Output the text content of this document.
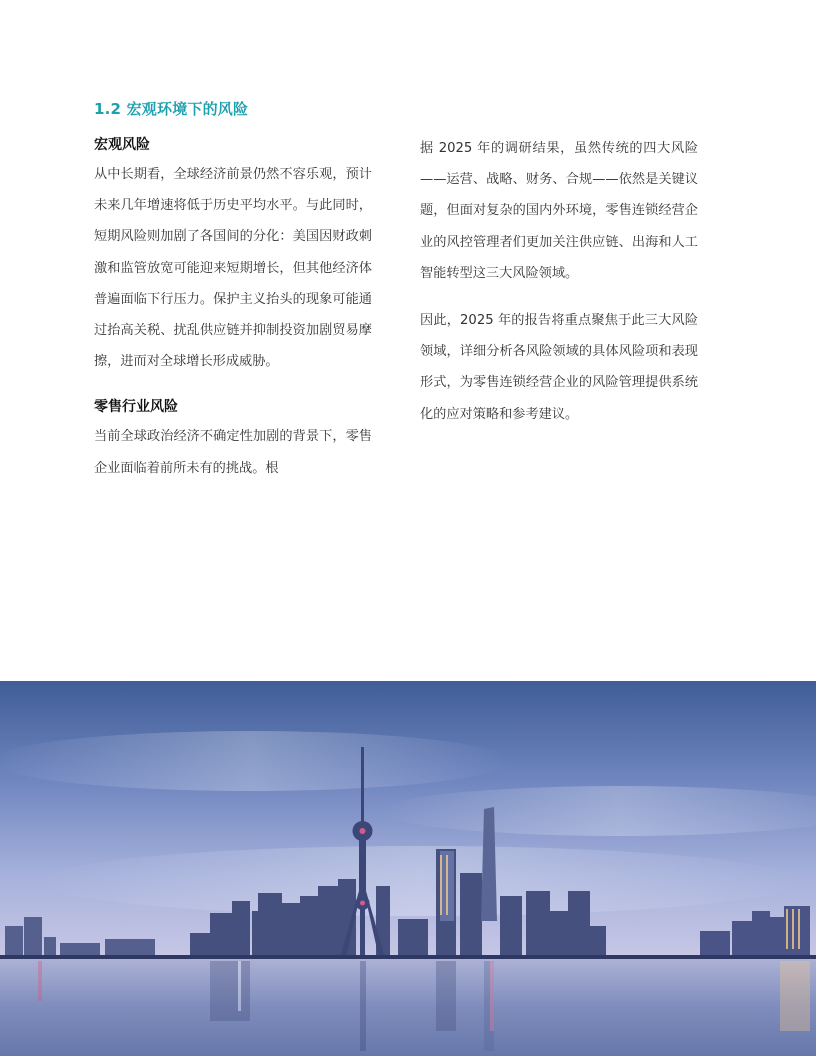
1.2 宏观环境下的风险
宏观风险

从中长期看，全球经济前景仍然不容乐观，预计未来几年增速将低于历史平均水平。与此同时，短期风险则加剧了各国间的分化：美国因财政刺激和监管放宽可能迎来短期增长，但其他经济体普遍面临下行压力。保护主义抬头的现象可能通过抬高关税、扰乱供应链并抑制投资加剧贸易摩擦，进而对全球增长形成威胁。

零售行业风险

当前全球政治经济不确定性加剧的背景下，零售企业面临着前所未有的挑战。根

据 2025 年的调研结果，虽然传统的四大风险——运营、战略、财务、合规——依然是关键议题，但面对复杂的国内外环境，零售连锁经营企业的风控管理者们更加关注供应链、出海和人工智能转型这三大风险领域。

因此，2025 年的报告将重点聚焦于此三大风险领域，详细分析各风险领域的具体风险项和表现形式，为零售连锁经营企业的风险管理提供系统化的应对策略和参考建议。
